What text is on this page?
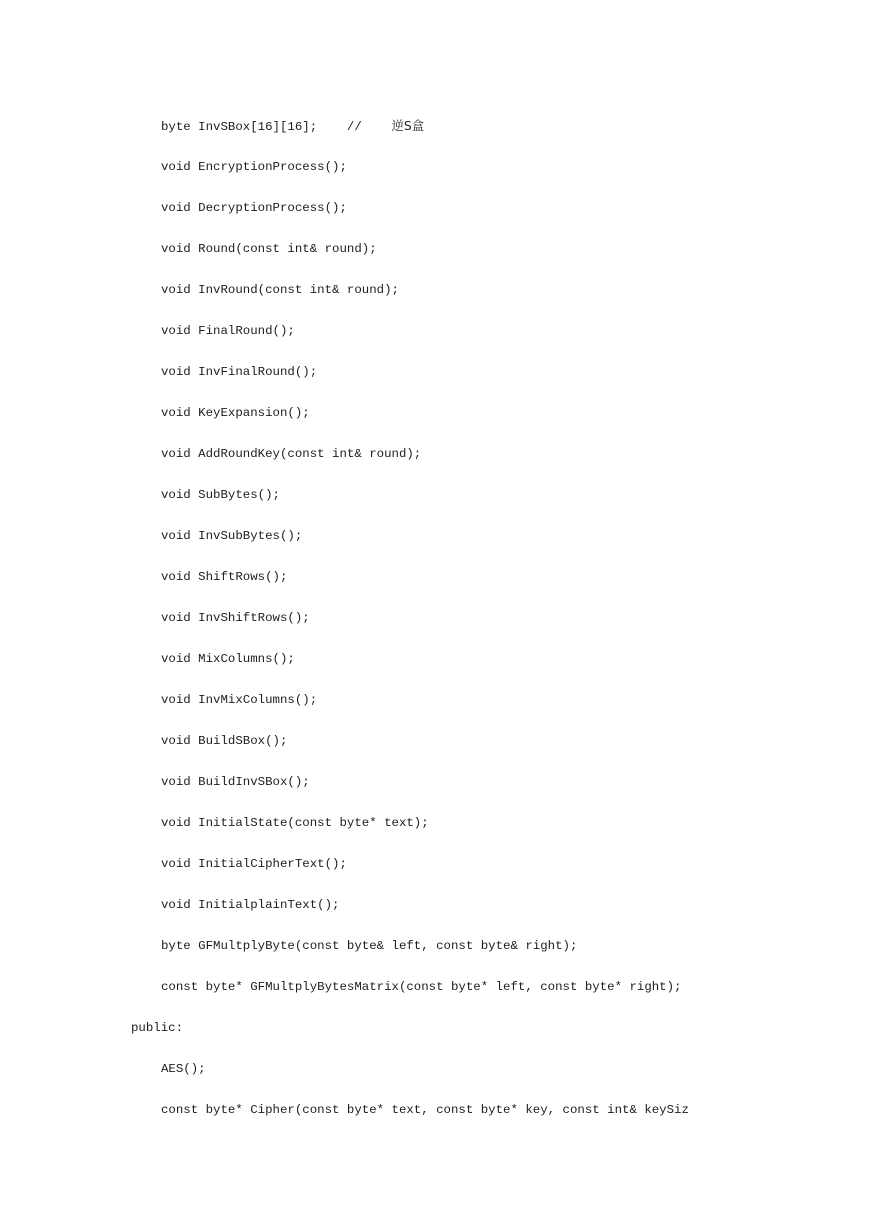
byte InvSBox[16][16];    //    逆S盒
void EncryptionProcess();
void DecryptionProcess();
void Round(const int& round);
void InvRound(const int& round);
void FinalRound();
void InvFinalRound();
void KeyExpansion();
void AddRoundKey(const int& round);
void SubBytes();
void InvSubBytes();
void ShiftRows();
void InvShiftRows();
void MixColumns();
void InvMixColumns();
void BuildSBox();
void BuildInvSBox();
void InitialState(const byte* text);
void InitialCipherText();
void InitialplainText();
byte GFMultplyByte(const byte& left, const byte& right);
const byte* GFMultplyBytesMatrix(const byte* left, const byte* right);
public:
AES();
const byte* Cipher(const byte* text, const byte* key, const int& keySiz
